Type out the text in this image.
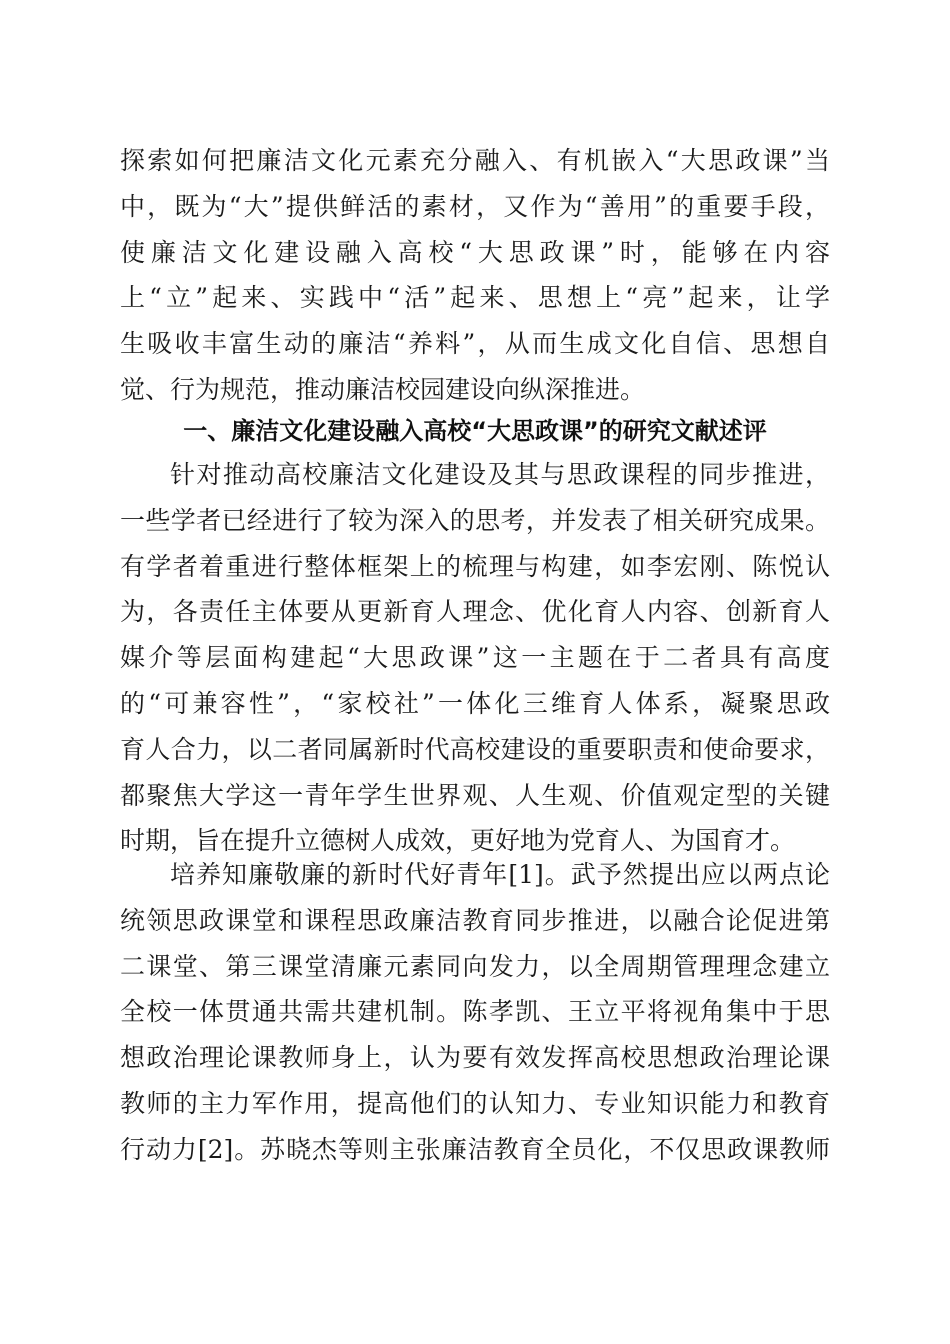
探索如何把廉洁文化元素充分融入、有机嵌入“大思政课”当
中，既为“大”提供鲜活的素材，又作为“善用”的重要手段，
使廉洁文化建设融入高校“大思政课”时，能够在内容
上“立”起来、实践中“活”起来、思想上“亮”起来，让学
生吸收丰富生动的廉洁“养料”，从而生成文化自信、思想自
觉、行为规范，推动廉洁校园建设向纵深推进。
一、廉洁文化建设融入高校“大思政课”的研究文献述评
针对推动高校廉洁文化建设及其与思政课程的同步推进，
一些学者已经进行了较为深入的思考，并发表了相关研究成果。
有学者着重进行整体框架上的梳理与构建，如李宏刚、陈悦认
为，各责任主体要从更新育人理念、优化育人内容、创新育人
媒介等层面构建起“大思政课”这一主题在于二者具有高度
的“可兼容性”，“家校社”一体化三维育人体系，凝聚思政
育人合力，以二者同属新时代高校建设的重要职责和使命要求，
都聚焦大学这一青年学生世界观、人生观、价值观定型的关键
时期，旨在提升立德树人成效，更好地为党育人、为国育才。
培养知廉敬廉的新时代好青年[1]。武予然提出应以两点论
统领思政课堂和课程思政廉洁教育同步推进，以融合论促进第
二课堂、第三课堂清廉元素同向发力，以全周期管理理念建立
全校一体贯通共需共建机制。陈孝凯、王立平将视角集中于思
想政治理论课教师身上，认为要有效发挥高校思想政治理论课
教师的主力军作用，提高他们的认知力、专业知识能力和教育
行动力[2]。苏晓杰等则主张廉洁教育全员化，不仅思政课教师
